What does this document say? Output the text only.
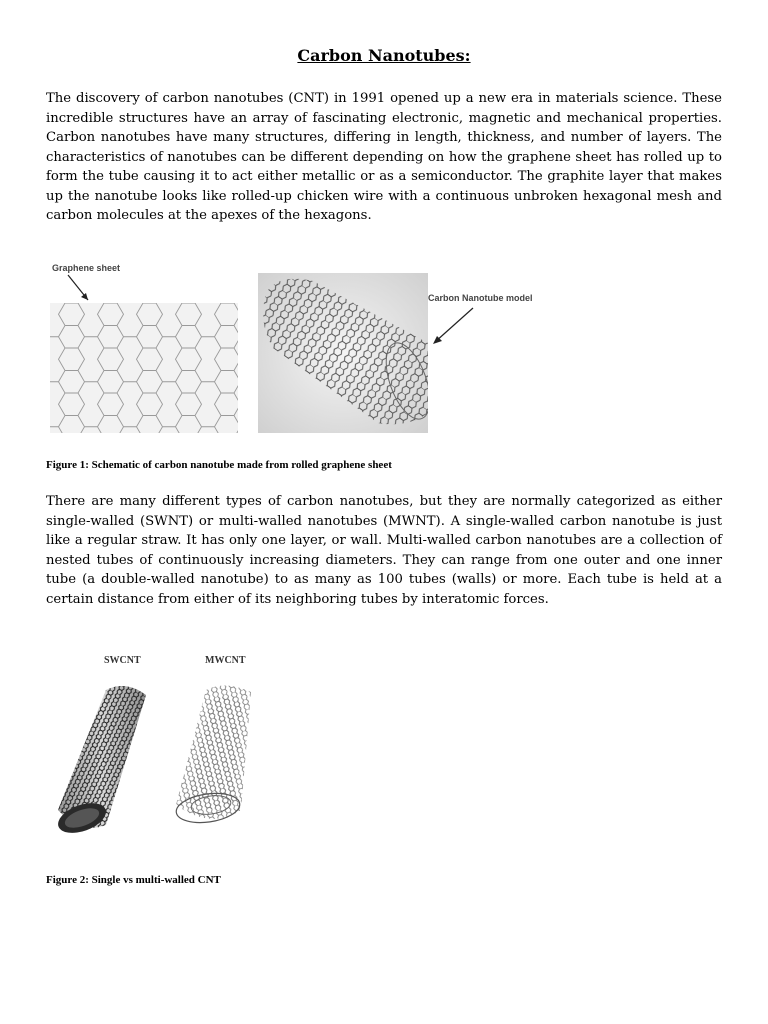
Carbon Nanotubes:

The discovery of carbon nanotubes (CNT) in 1991 opened up a new era in materials science. These incredible structures have an array of fascinating electronic, magnetic and mechanical properties. Carbon nanotubes have many structures, differing in length, thickness, and number of layers. The characteristics of nanotubes can be different depending on how the graphene sheet has rolled up to form the tube causing it to act either metallic or as a semiconductor. The graphite layer that makes up the nanotube looks like rolled-up chicken wire with a continuous unbroken hexagonal mesh and carbon molecules at the apexes of the hexagons.

Graphene sheet
Carbon Nanotube model

Figure 1: Schematic of carbon nanotube made from rolled graphene sheet

There are many different types of carbon nanotubes, but they are normally categorized as either single-walled (SWNT) or multi-walled nanotubes (MWNT). A single-walled carbon nanotube is just like a regular straw. It has only one layer, or wall. Multi-walled carbon nanotubes are a collection of nested tubes of continuously increasing diameters. They can range from one outer and one inner tube (a double-walled nanotube) to as many as 100 tubes (walls) or more. Each tube is held at a certain distance from either of its neighboring tubes by interatomic forces.

SWCNT	MWCNT

Figure 2: Single vs multi-walled CNT
